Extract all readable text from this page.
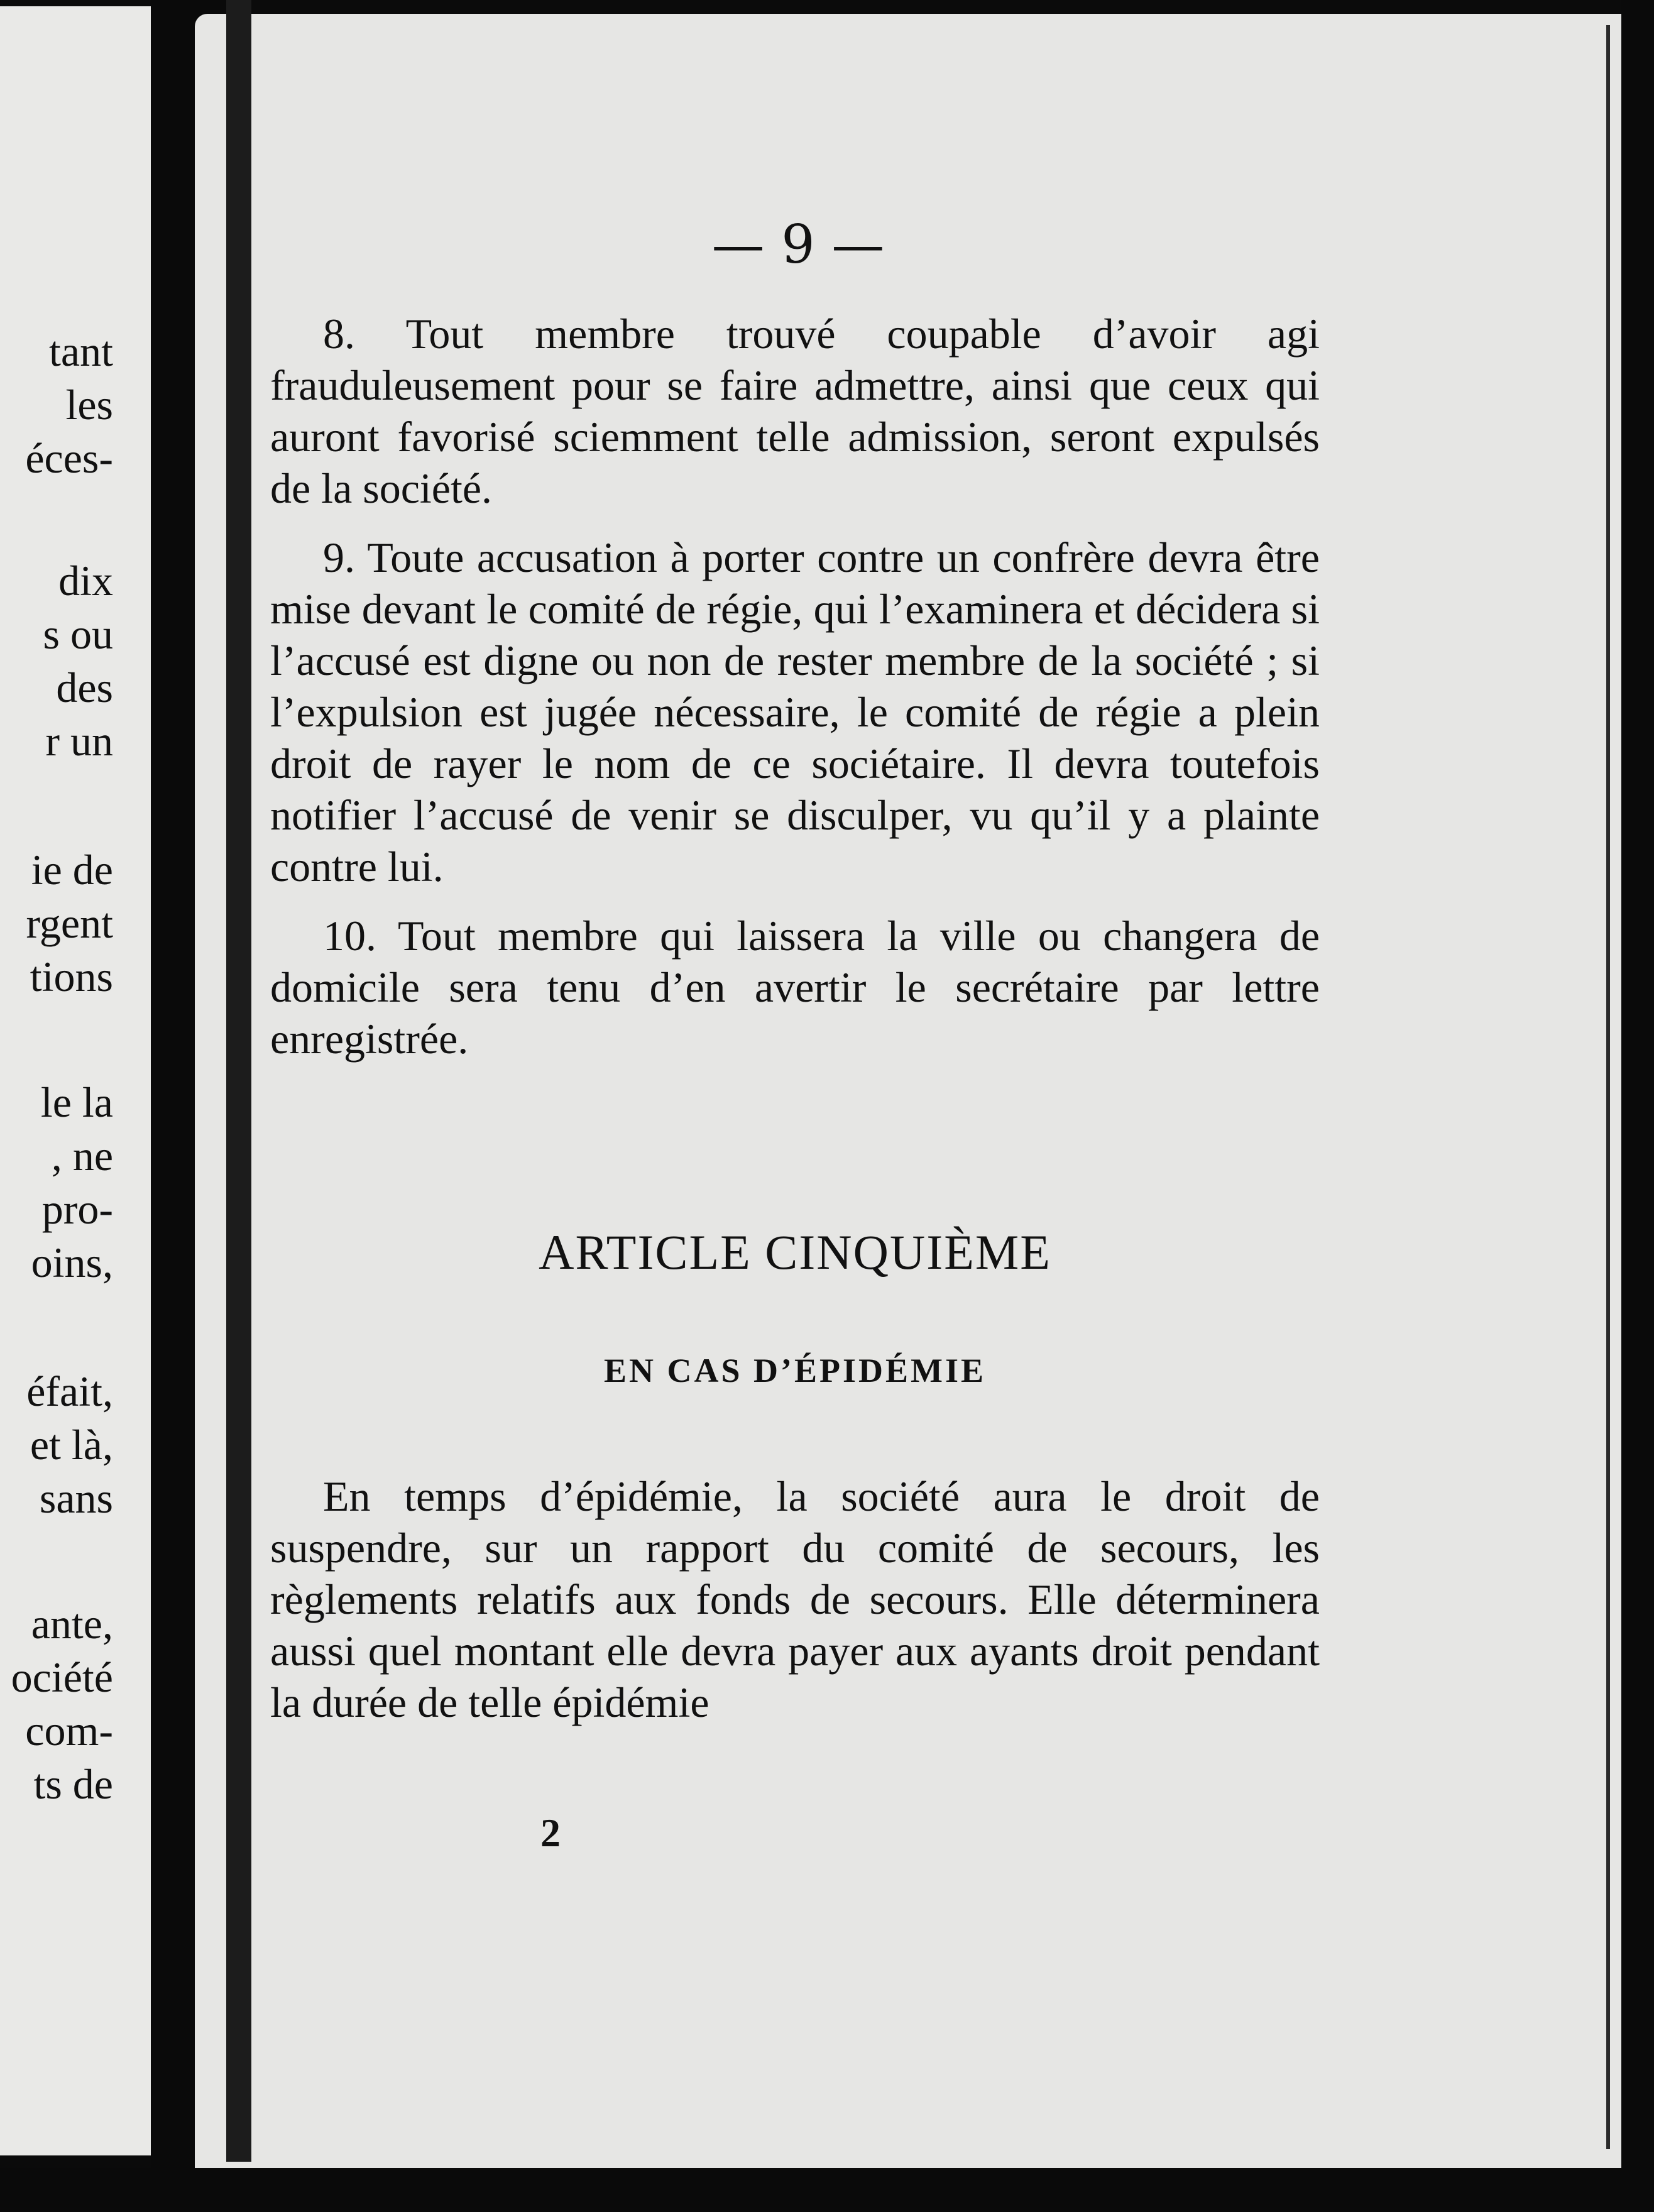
tant
les
éces-
dix
s ou
des
r un
ie de
rgent
tions
le la
, ne
pro-
oins,
éfait,
et là,
sans
ante,
ociété
com-
ts de
— 9 —

8. Tout membre trouvé coupable d’avoir agi frauduleusement pour se faire admettre, ainsi que ceux qui auront favorisé sciemment telle admission, seront expulsés de la société.

9. Toute accusation à porter contre un confrère devra être mise devant le comité de régie, qui l’examinera et décidera si l’accusé est digne ou non de rester membre de la société ; si l’expulsion est jugée nécessaire, le comité de régie a plein droit de rayer le nom de ce sociétaire. Il devra toutefois notifier l’accusé de venir se disculper, vu qu’il y a plainte contre lui.

10. Tout membre qui laissera la ville ou changera de domicile sera tenu d’en avertir le secrétaire par lettre enregistrée.

ARTICLE CINQUIÈME
EN CAS D’ÉPIDÉMIE

En temps d’épidémie, la société aura le droit de suspendre, sur un rapport du comité de secours, les règlements relatifs aux fonds de secours. Elle déterminera aussi quel montant elle devra payer aux ayants droit pendant la durée de telle épidémie

2
